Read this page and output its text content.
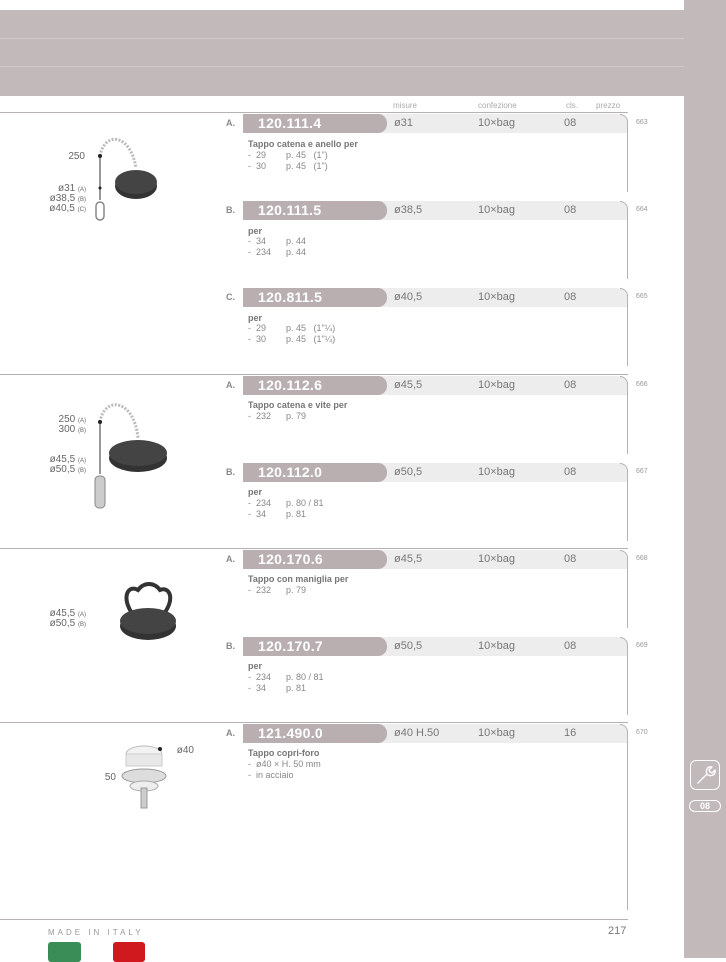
08
misure	confezione	cls. prezzo
A.	120.111.4	ø31	10×bag	08	663
Tappo catena e anello per
-  29        p. 45   (1")
-  30        p. 45   (1")
B.	120.111.5	ø38,5	10×bag	08	664
per
-  34        p. 44
-  234      p. 44
C.	120.811.5	ø40,5	10×bag	08	665
per
-  29        p. 45   (1"¼)
-  30        p. 45   (1"¼)
A.	120.112.6	ø45,5	10×bag	08	666
Tappo catena e vite per
-  232      p. 79
B.	120.112.0	ø50,5	10×bag	08	667
per
-  234      p. 80 / 81
-  34        p. 81
A.	120.170.6	ø45,5	10×bag	08	668
Tappo con maniglia per
-  232      p. 79
B.	120.170.7	ø50,5	10×bag	08	669
per
-  234      p. 80 / 81
-  34        p. 81
A.	121.490.0	ø40 H.50	10×bag	16	670
Tappo copri-foro
-  ø40 × H. 50 mm
-  in acciaio
250
ø31 (A)
ø38,5 (B)
ø40,5 (C)
250 (A)
300 (B)
ø45,5 (A)
ø50,5 (B)
ø45,5 (A)
ø50,5 (B)
ø40
50
MADE IN ITALY	217
